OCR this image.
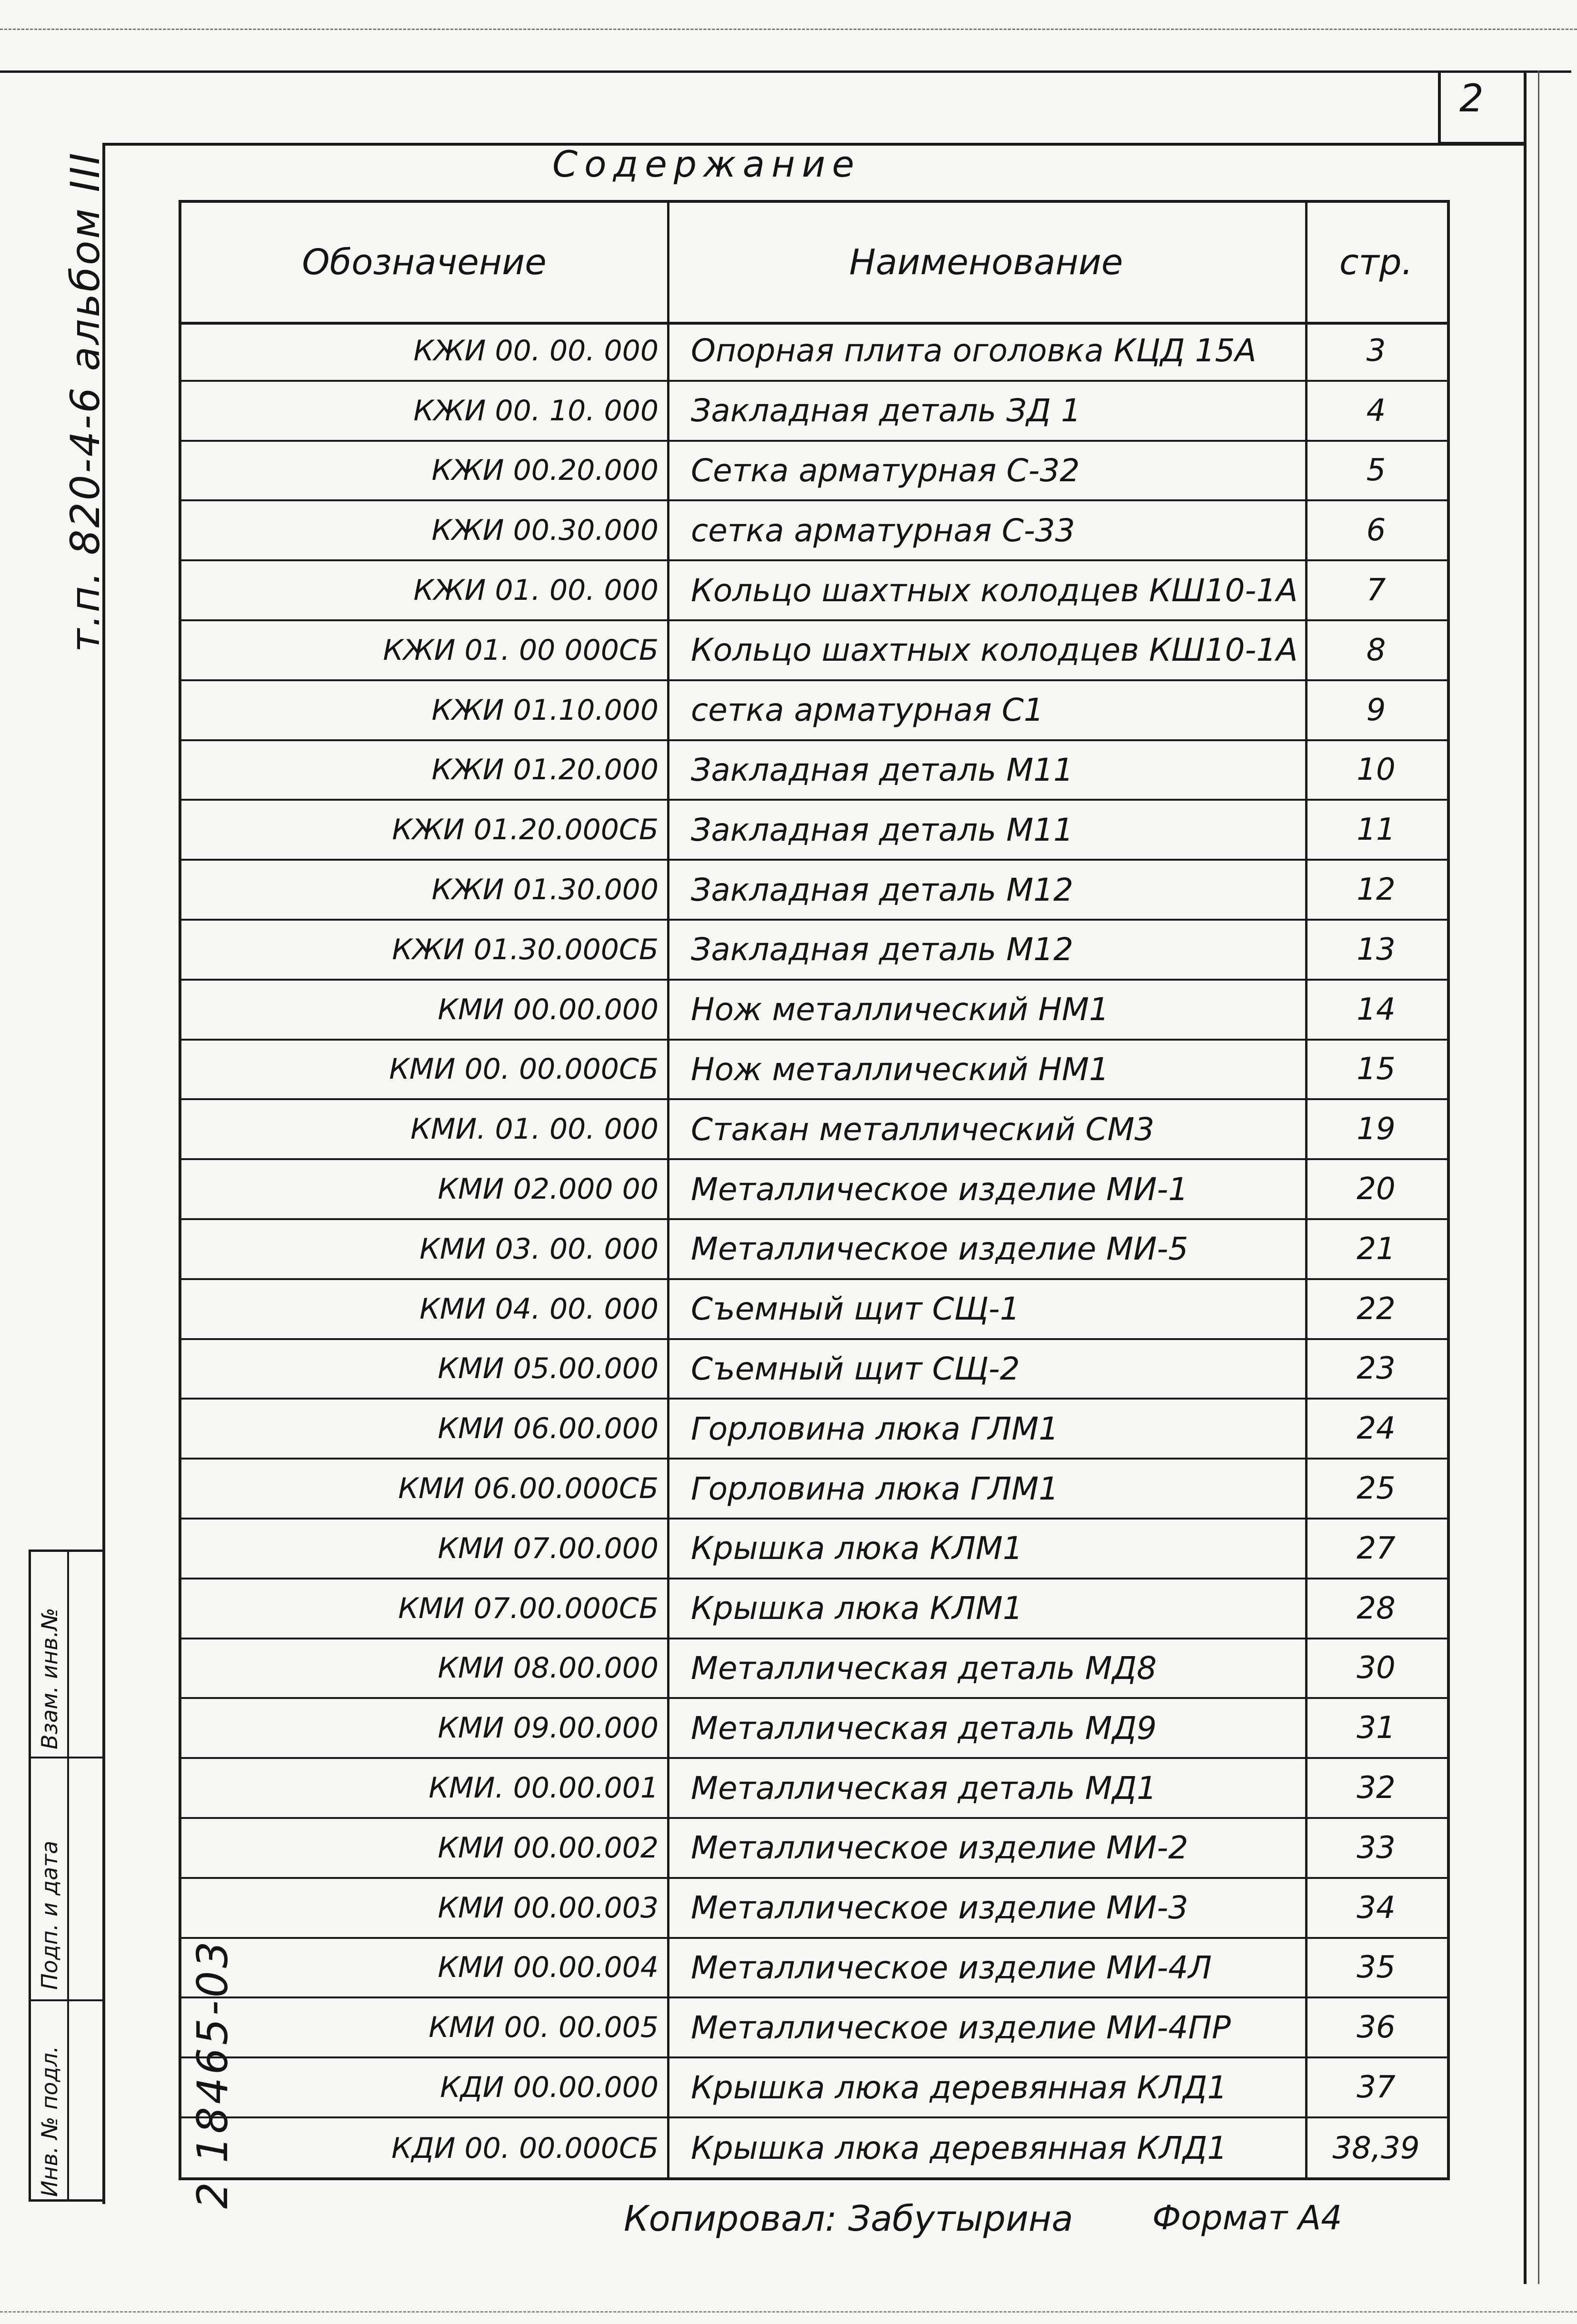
2
т.п. 820-4-6 альбом III
Инв. № подл.
Подп. и дата
Взам. инв.№
2 18465-03
Содержание
Обозначение	Наименование	стр.
КЖИ 00. 00. 000	Опорная плита оголовка КЦД 15А	3
КЖИ 00. 10. 000	Закладная деталь ЗД 1	4
КЖИ 00.20.000	Сетка арматурная С-32	5
КЖИ 00.30.000	сетка арматурная С-33	6
КЖИ 01. 00. 000	Кольцо шахтных колодцев КШ10-1А	7
КЖИ 01. 00 000СБ	Кольцо шахтных колодцев КШ10-1А	8
КЖИ 01.10.000	сетка арматурная С1	9
КЖИ 01.20.000	Закладная деталь М11	10
КЖИ 01.20.000СБ	Закладная деталь М11	11
КЖИ 01.30.000	Закладная деталь М12	12
КЖИ 01.30.000СБ	Закладная деталь М12	13
КМИ 00.00.000	Нож металлический НМ1	14
КМИ 00. 00.000СБ	Нож металлический НМ1	15
КМИ. 01. 00. 000	Стакан металлический СМ3	19
КМИ 02.000 00	Металлическое изделие МИ-1	20
КМИ 03. 00. 000	Металлическое изделие МИ-5	21
КМИ 04. 00. 000	Съемный щит СЩ-1	22
КМИ 05.00.000	Съемный щит СЩ-2	23
КМИ 06.00.000	Горловина люка ГЛМ1	24
КМИ 06.00.000СБ	Горловина люка ГЛМ1	25
КМИ 07.00.000	Крышка люка КЛМ1	27
КМИ 07.00.000СБ	Крышка люка КЛМ1	28
КМИ 08.00.000	Металлическая деталь МД8	30
КМИ 09.00.000	Металлическая деталь МД9	31
КМИ. 00.00.001	Металлическая деталь МД1	32
КМИ 00.00.002	Металлическое изделие МИ-2	33
КМИ 00.00.003	Металлическое изделие МИ-3	34
КМИ 00.00.004	Металлическое изделие МИ-4Л	35
КМИ 00. 00.005	Металлическое изделие МИ-4ПР	36
КДИ 00.00.000	Крышка люка деревянная КЛД1	37
КДИ 00. 00.000СБ	Крышка люка деревянная КЛД1	38,39
Копировал: Забутырина Формат А4
